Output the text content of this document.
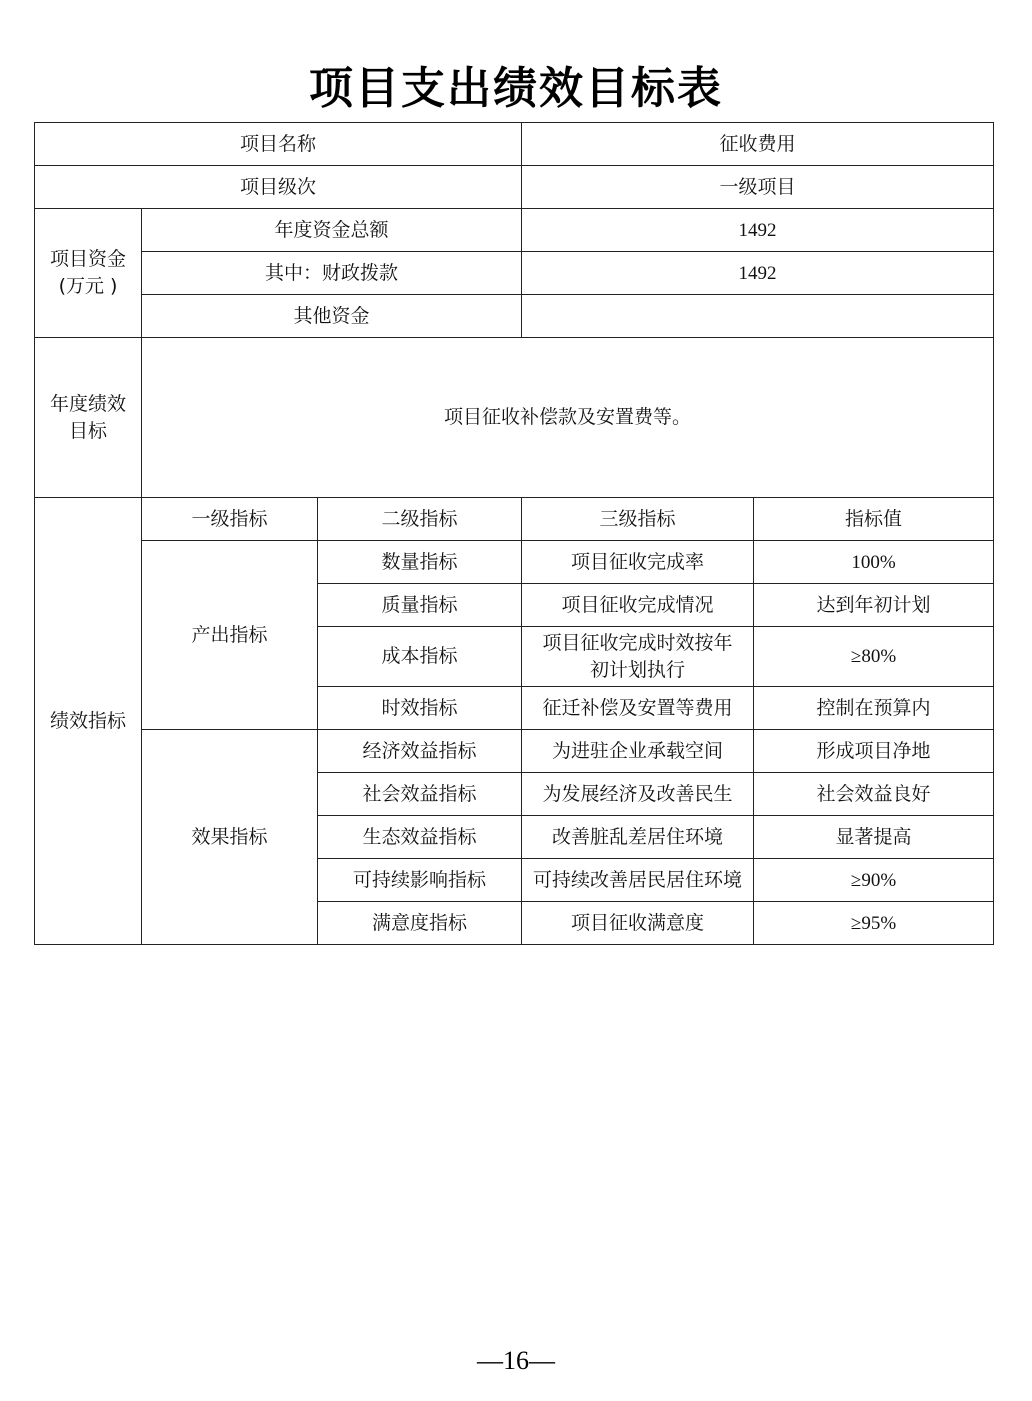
项目支出绩效目标表
项目名称			征收费用	
项目级次			一级项目	
项目资金
(万元 )	年度资金总额		1492	
	其中：财政拨款		1492	
	其他资金			
年度绩效
目标	项目征收补偿款及安置费等。			
绩效指标	一级指标	二级指标	三级指标	指标值
	产出指标	数量指标	项目征收完成率	100%
		质量指标	项目征收完成情况	达到年初计划
		成本指标	项目征收完成时效按年
初计划执行	≥80%
		时效指标	征迁补偿及安置等费用	控制在预算内
	效果指标	经济效益指标	为进驻企业承载空间	形成项目净地
		社会效益指标	为发展经济及改善民生	社会效益良好
		生态效益指标	改善脏乱差居住环境	显著提高
		可持续影响指标	可持续改善居民居住环境	≥90%
		满意度指标	项目征收满意度	≥95%
—16—
